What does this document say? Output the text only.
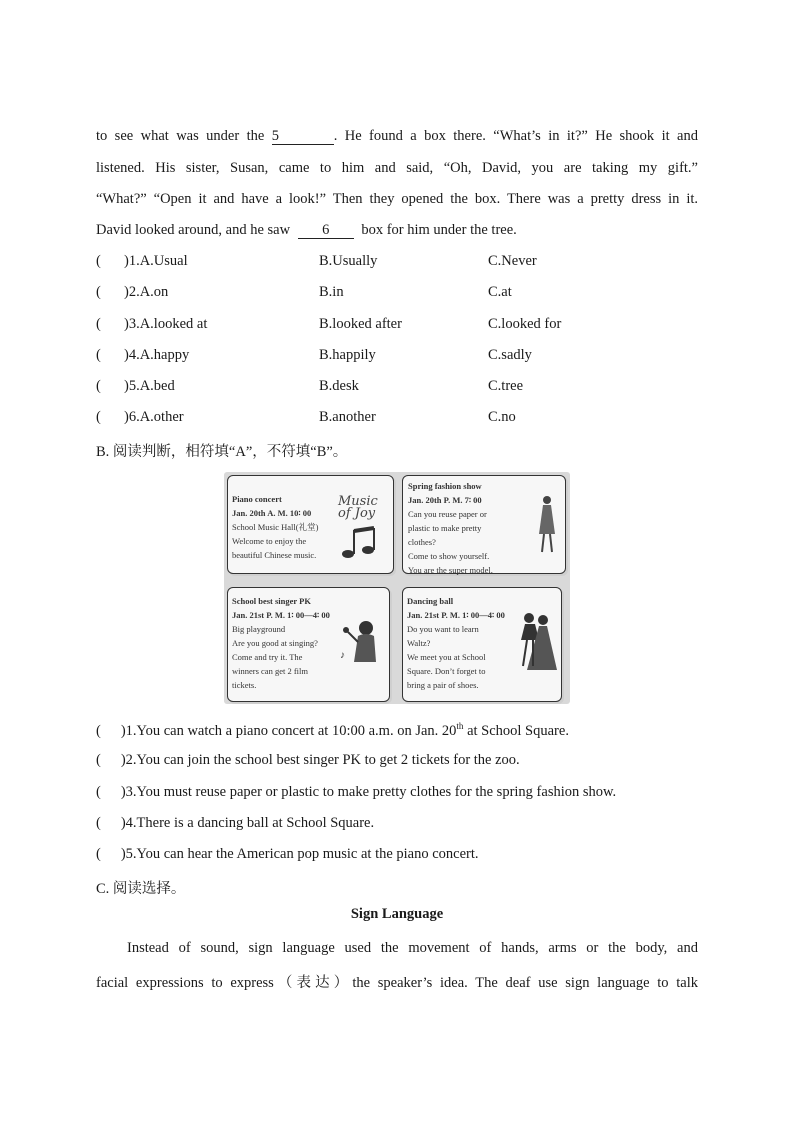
to see what was under the 5	. He found a box there. “What’s in it?” He shook it and
listened. His sister, Susan, came to him and said, “Oh, David, you are taking my gift.”
“What?” “Open it and have a look!” Then they opened the box. There was a pretty dress in it.
David looked around, and he saw 6 box for him under the tree.
( )1.A.Usual	B.Usually	C.Never
( )2.A.on	B.in	C.at
( )3.A.looked at	B.looked after	C.looked for
( )4.A.happy	B.happily	C.sadly
( )5.A.bed	B.desk	C.tree
( )6.A.other	B.another	C.no
B. 阅读判断，相符填“A”，不符填“B”。
Piano concert
Jan. 20th A. M. 10∶ 00
School Music Hall(礼堂)
Welcome to enjoy the
beautiful Chinese music.
Music of Joy
Spring fashion show
Jan. 20th P. M. 7∶ 00
Can you reuse paper or
plastic to make pretty
clothes?
Come to show yourself.
You are the super model.
School best singer PK
Jan. 21st P. M. 1∶ 00—4∶ 00
Big playground
Are you good at singing?
Come and try it. The
winners can get 2 film
tickets.
♪
Dancing ball
Jan. 21st P. M. 1∶ 00—4∶ 00
Do you want to learn
Waltz?
We meet you at School
Square. Don’t forget to
bring a pair of shoes.
( )1.You can watch a piano concert at 10:00 a.m. on Jan. 20th at School Square.
( )2.You can join the school best singer PK to get 2 tickets for the zoo.
( )3.You must reuse paper or plastic to make pretty clothes for the spring fashion show.
( )4.There is a dancing ball at School Square.
( )5.You can hear the American pop music at the piano concert.
C. 阅读选择。
Sign Language
Instead of sound, sign language used the movement of hands, arms or the body, and
facial expressions to express（表达）the speaker’s idea. The deaf use sign language to talk
